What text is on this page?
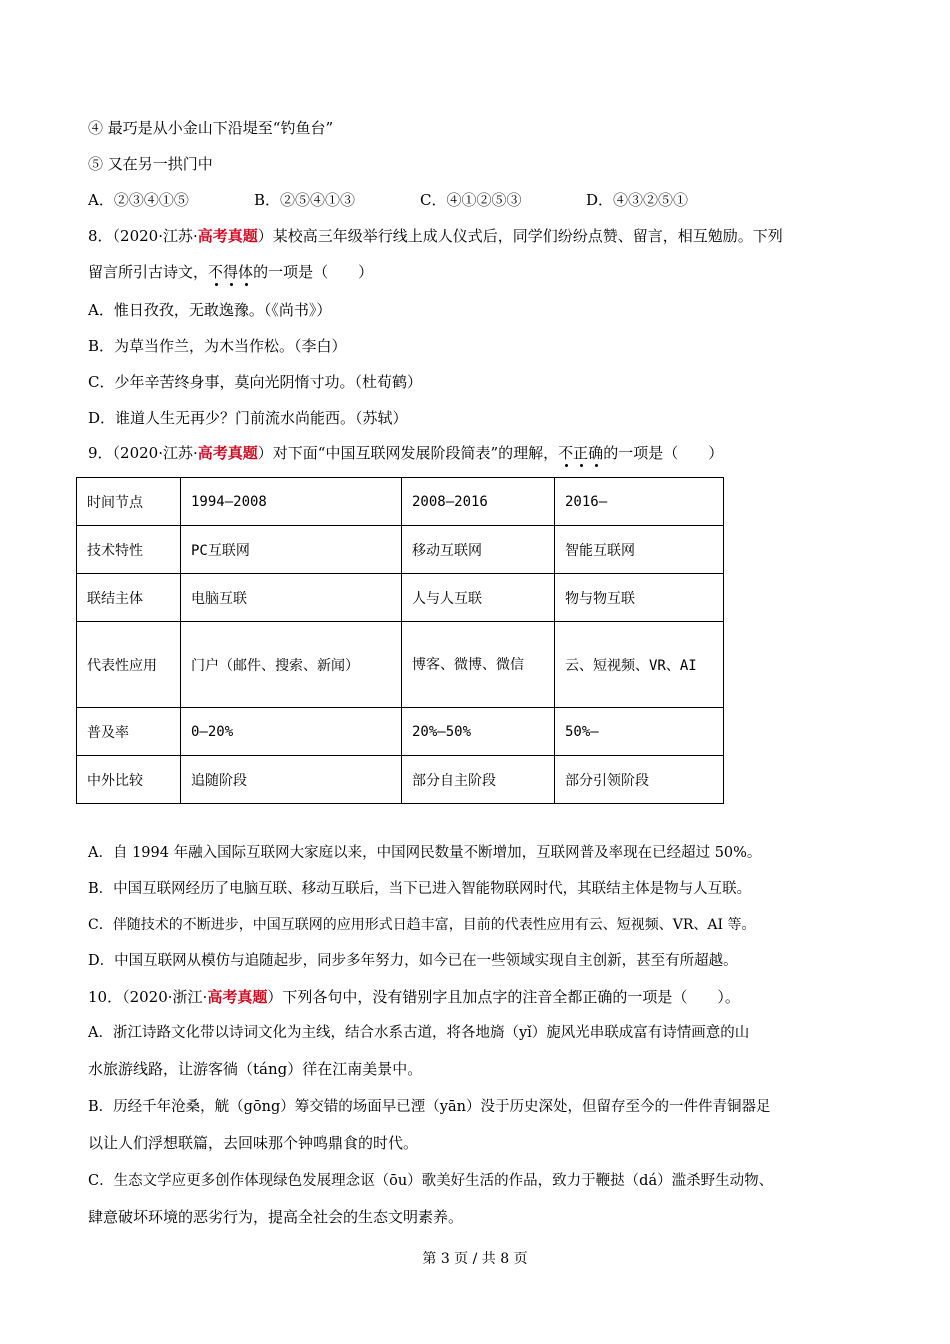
④ 最巧是从小金山下沿堤至“钓鱼台”
⑤ 又在另一拱门中
A．②③④①⑤	B．②⑤④①③	C．④①②⑤③	D．④③②⑤①
8．（2020·江苏·高考真题）某校高三年级举行线上成人仪式后，同学们纷纷点赞、留言，相互勉励。下列
留言所引古诗文，不得体的一项是（　　）
A．惟日孜孜，无敢逸豫。（《尚书》）
B．为草当作兰，为木当作松。（李白）
C．少年辛苦终身事，莫向光阴惰寸功。（杜荀鹤）
D．谁道人生无再少？门前流水尚能西。（苏轼）
9．（2020·江苏·高考真题）对下面“中国互联网发展阶段简表”的理解，不正确的一项是（　　）
时间节点	1994—2008	2008—2016	2016—
技术特性	PC互联网	移动互联网	智能互联网
联结主体	电脑互联	人与人互联	物与物互联
代表性应用	门户（邮件、搜索、新闻）	博客、微博、微信	云、短视频、VR、AI
普及率	0—20%	20%—50%	50%—
中外比较	追随阶段	部分自主阶段	部分引领阶段
A．自 1994 年融入国际互联网大家庭以来，中国网民数量不断增加，互联网普及率现在已经超过 50%。
B．中国互联网经历了电脑互联、移动互联后，当下已进入智能物联网时代，其联结主体是物与人互联。
C．伴随技术的不断进步，中国互联网的应用形式日趋丰富，目前的代表性应用有云、短视频、VR、AI 等。
D．中国互联网从模仿与追随起步，同步多年努力，如今已在一些领域实现自主创新，甚至有所超越。
10．（2020·浙江·高考真题）下列各句中，没有错别字且加点字的注音全都正确的一项是（　　）。
A．浙江诗路文化带以诗词文化为主线，结合水系古道，将各地旖（yǐ）旎风光串联成富有诗情画意的山
水旅游线路，让游客徜（táng）徉在江南美景中。
B．历经千年沧桑，觥（gōng）筹交错的场面早已湮（yān）没于历史深处，但留存至今的一件件青铜器足
以让人们浮想联篇，去回味那个钟鸣鼎食的时代。
C．生态文学应更多创作体现绿色发展理念讴（ōu）歌美好生活的作品，致力于鞭挞（dá）滥杀野生动物、
肆意破坏环境的恶劣行为，提高全社会的生态文明素养。
第 3 页 / 共 8 页
